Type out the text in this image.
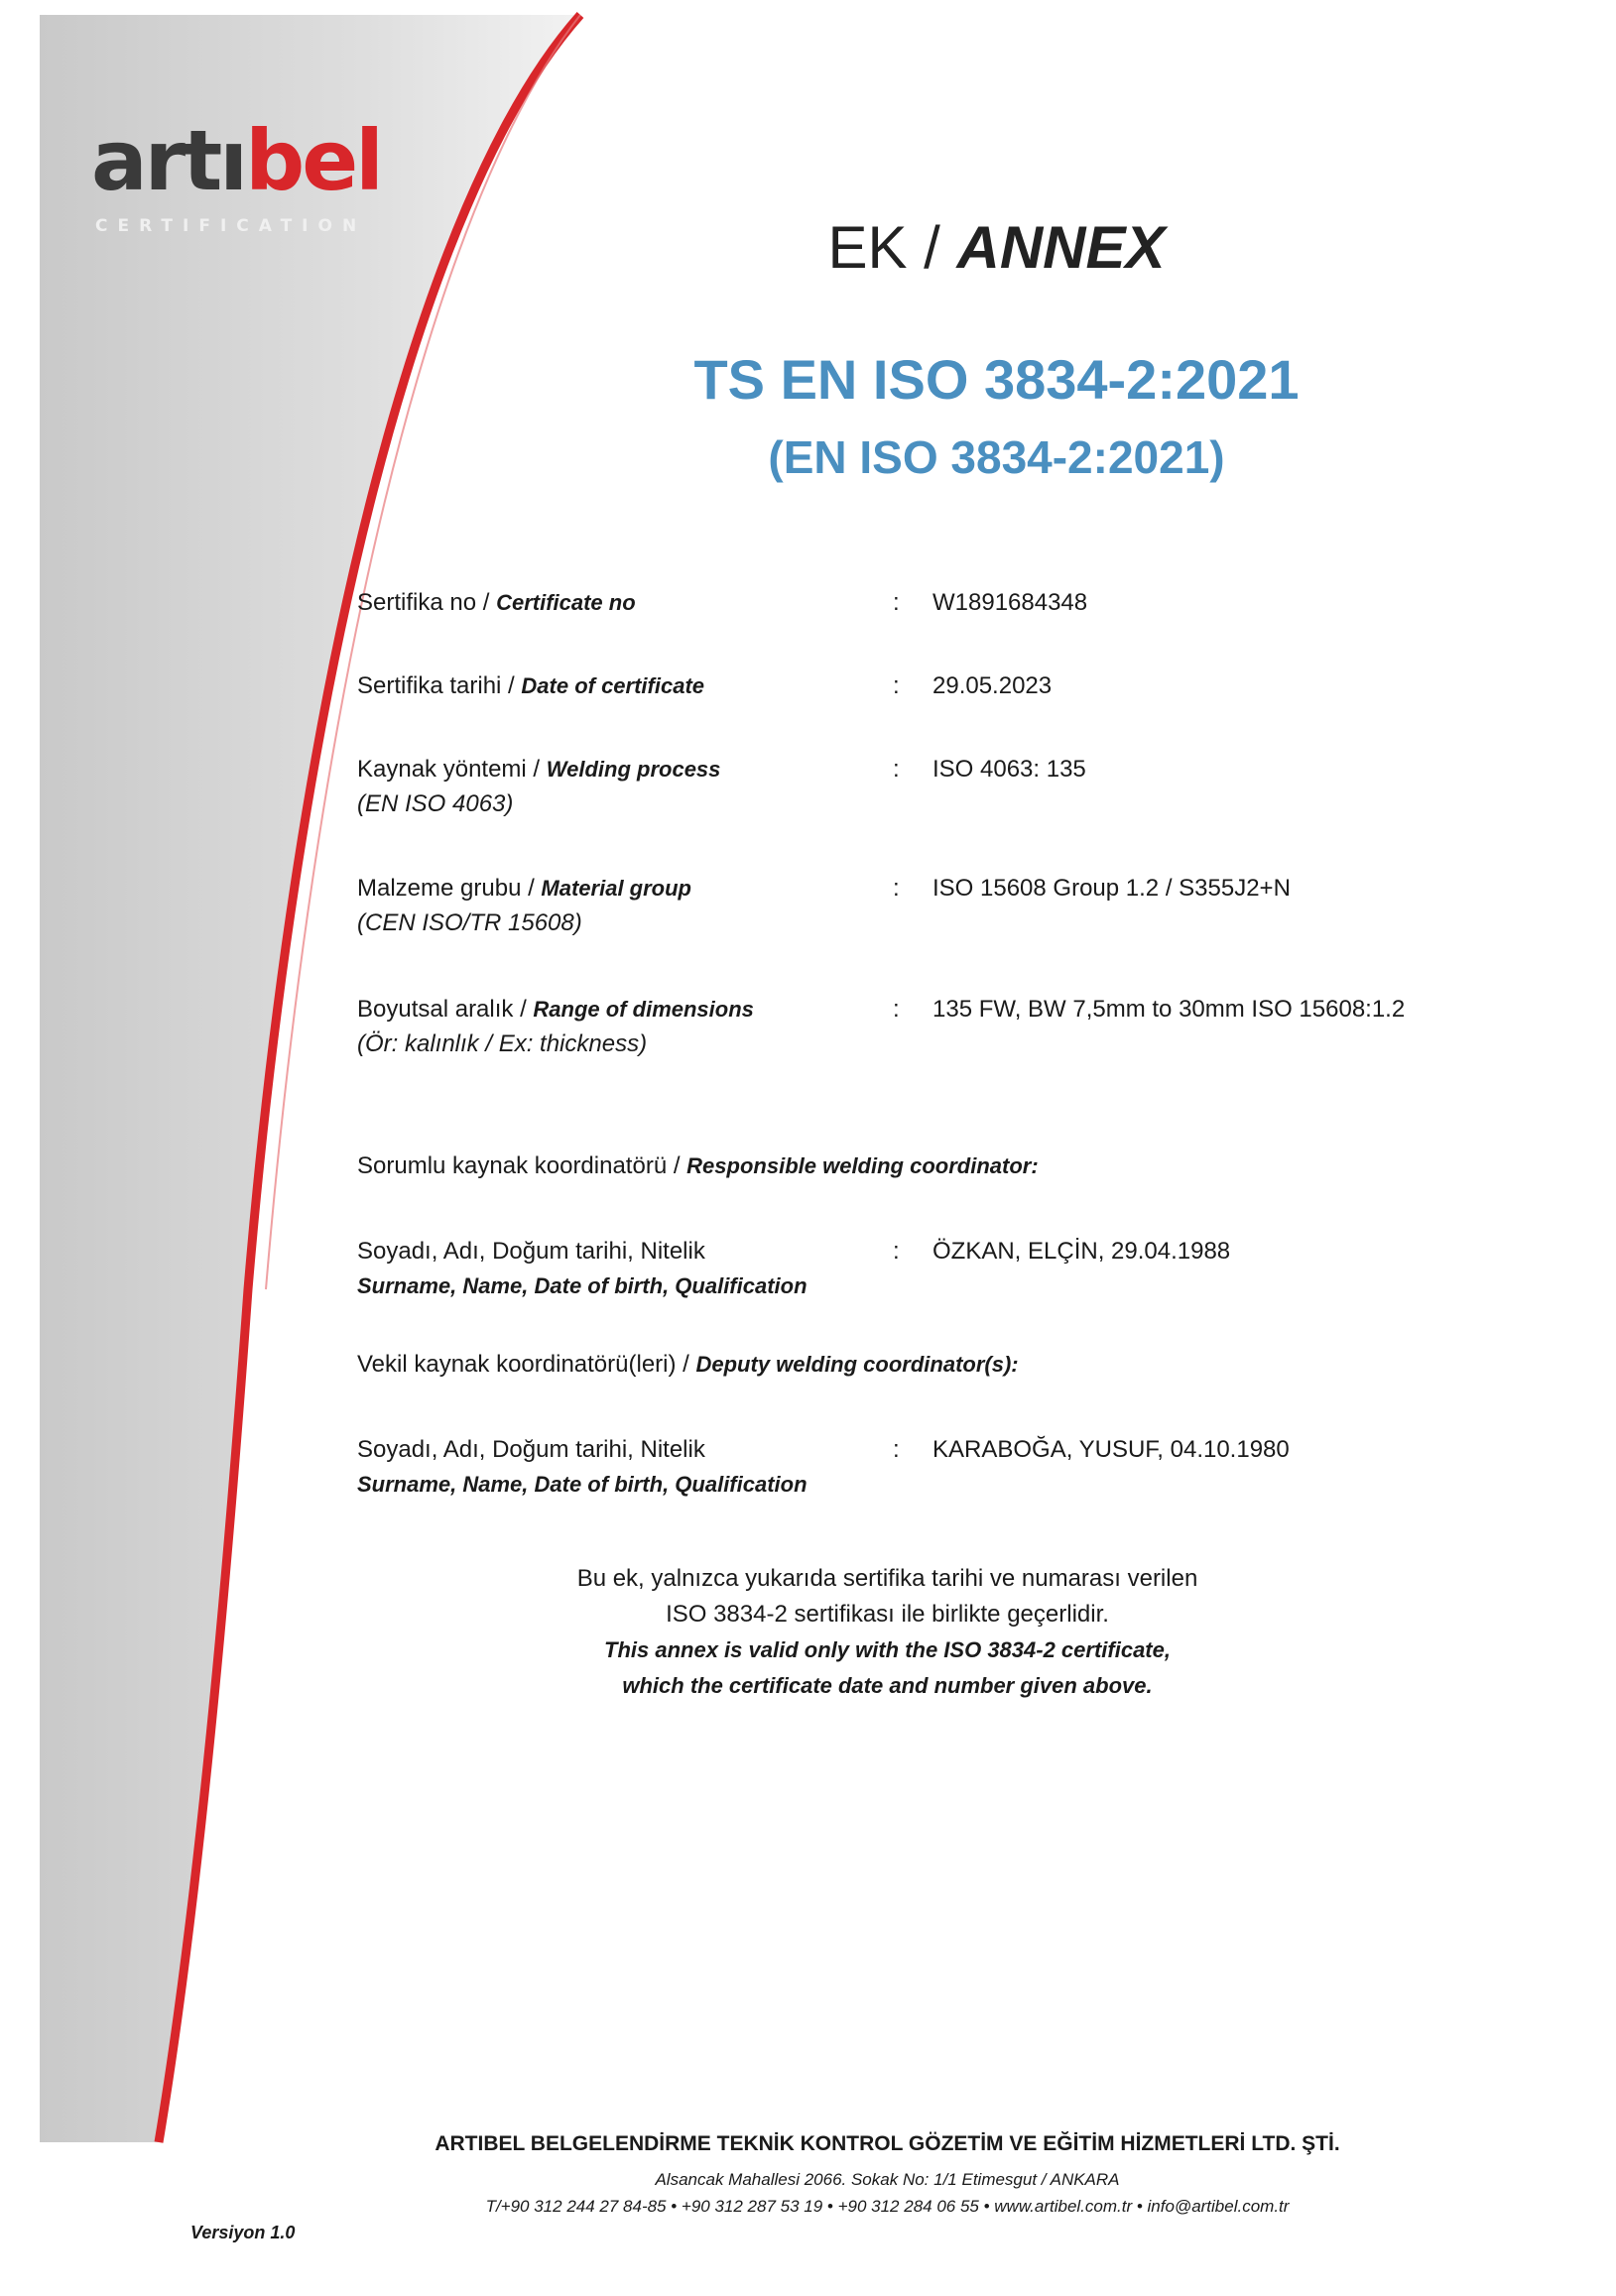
artıbel
CERTIFICATION	EK / ANNEX
TS EN ISO 3834-2:2021
(EN ISO 3834-2:2021)
Sertifika no / Certificate no	: W1891684348
Sertifika tarihi / Date of certificate	: 29.05.2023
Kaynak yöntemi / Welding process
(EN ISO 4063)
: ISO 4063: 135
Malzeme grubu / Material group
(CEN ISO/TR 15608)
: ISO 15608 Group 1.2 / S355J2+N
Boyutsal aralık / Range of dimensions
(Ör: kalınlık / Ex: thickness)
: 135 FW, BW 7,5mm to 30mm ISO 15608:1.2
Sorumlu kaynak koordinatörü / Responsible welding coordinator:
Soyadı, Adı, Doğum tarihi, Nitelik
Surname, Name, Date of birth, Qualification
: ÖZKAN, ELÇİN, 29.04.1988
Vekil kaynak koordinatörü(leri) / Deputy welding coordinator(s):
Soyadı, Adı, Doğum tarihi, Nitelik
Surname, Name, Date of birth, Qualification
: KARABOĞA, YUSUF, 04.10.1980
Bu ek, yalnızca yukarıda sertifika tarihi ve numarası verilen
ISO 3834-2 sertifikası ile birlikte geçerlidir.
This annex is valid only with the ISO 3834-2 certificate,
which the certificate date and number given above.
ARTIBEL BELGELENDİRME TEKNİK KONTROL GÖZETİM VE EĞİTİM HİZMETLERİ LTD. ŞTİ.
Alsancak Mahallesi 2066. Sokak No: 1/1 Etimesgut / ANKARA
T/+90 312 244 27 84-85 • +90 312 287 53 19 • +90 312 284 06 55 • www.artibel.com.tr • info@artibel.com.tr
Versiyon 1.0
